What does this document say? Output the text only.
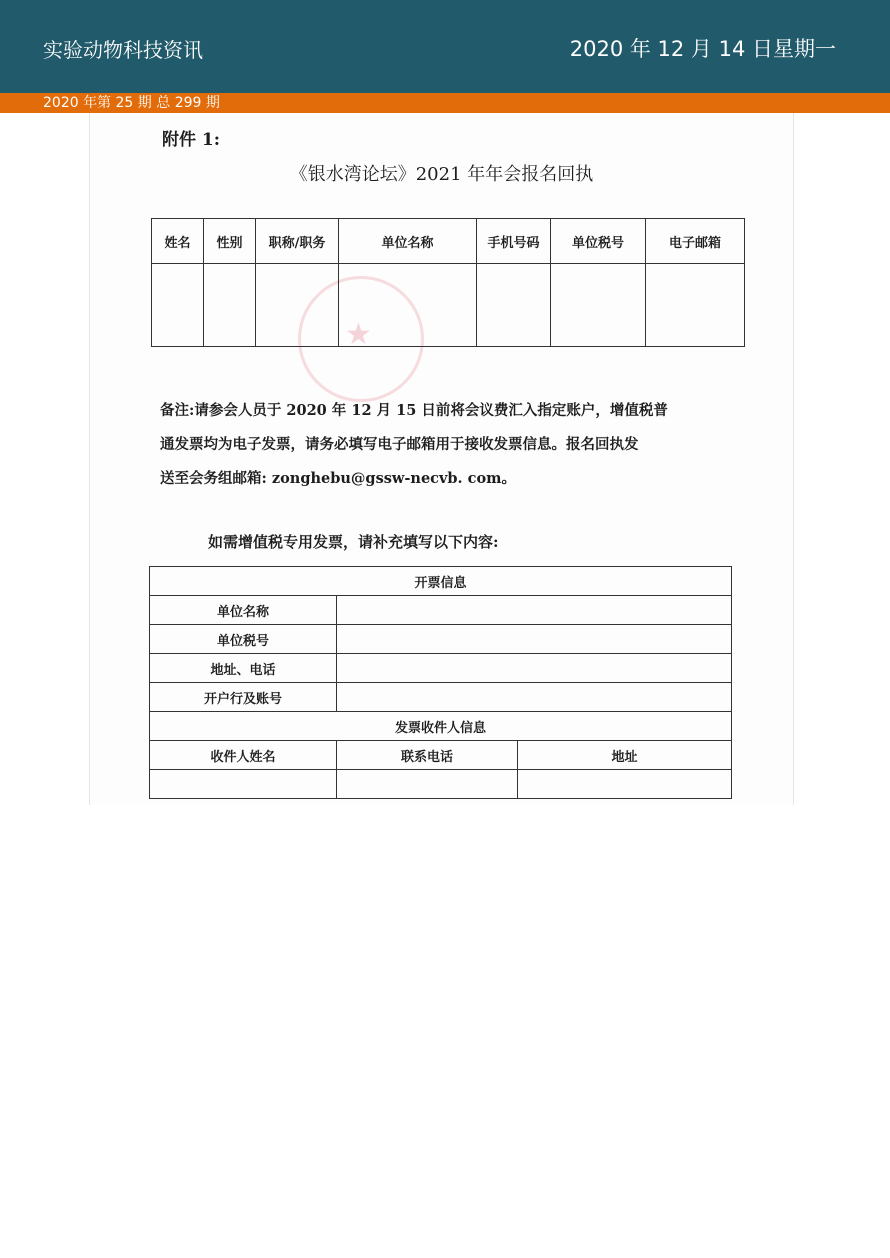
实验动物科技资讯	2020 年 12 月 14 日星期一
2020 年第 25 期 总 299 期
附件 1:
《银水湾论坛》2021 年年会报名回执
★
姓名	性别	职称/职务	单位名称	手机号码	单位税号	电子邮箱

备注:请参会人员于 2020 年 12 月 15 日前将会议费汇入指定账户，增值税普
通发票均为电子发票，请务必填写电子邮箱用于接收发票信息。报名回执发
送至会务组邮箱: zonghebu@gssw-necvb. com。
如需增值税专用发票，请补充填写以下内容:
开票信息		
单位名称		
单位税号		
地址、电话		
开户行及账号		
发票收件人信息		
收件人姓名	联系电话	地址
